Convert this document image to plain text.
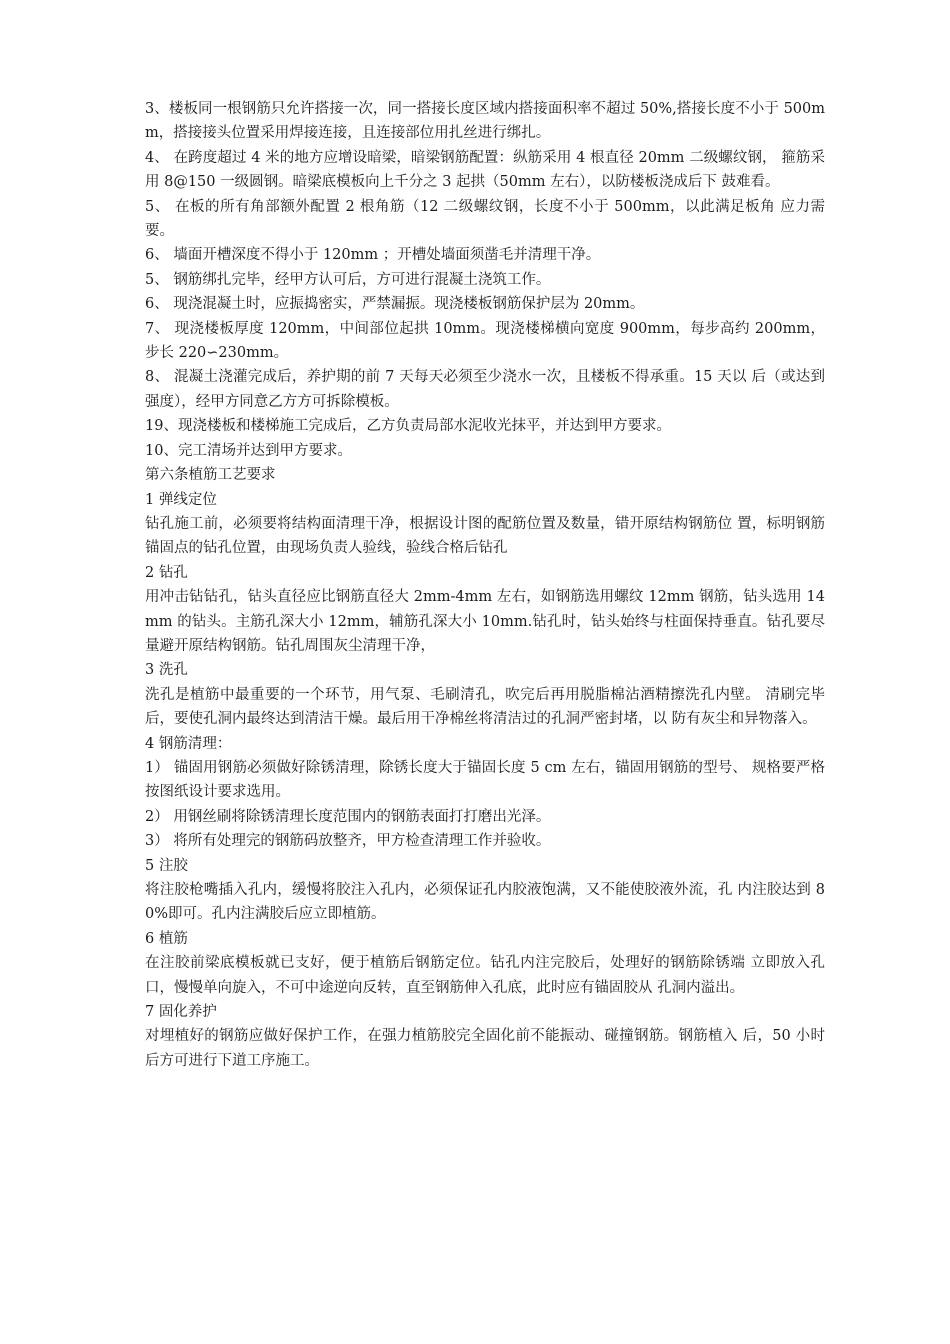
3、楼板同一根钢筋只允许搭接一次，同一搭接长度区域内搭接面积率不超过 50%,搭接长度不小于 500mm，搭接接头位置采用焊接连接，且连接部位用扎丝进行绑扎。

4、 在跨度超过 4 米的地方应增设暗梁，暗梁钢筋配置：纵筋采用 4 根直径 20mm 二级螺纹钢， 箍筋采用 8@150 一级圆钢。暗梁底模板向上千分之 3 起拱（50mm 左右），以防楼板浇成后下 鼓难看。

5、 在板的所有角部额外配置 2 根角筋（12 二级螺纹钢，长度不小于 500mm，以此满足板角 应力需要。

6、 墙面开槽深度不得小于 120mm ；开槽处墙面须凿毛并清理干净。

5、 钢筋绑扎完毕，经甲方认可后，方可进行混凝土浇筑工作。

6、 现浇混凝土时，应振捣密实，严禁漏振。现浇楼板钢筋保护层为 20mm。

7、 现浇楼板厚度 120mm，中间部位起拱 10mm。现浇楼梯横向宽度 900mm，每步高约 200mm， 步长 220∽230mm。

8、 混凝土浇灌完成后，养护期的前 7 天每天必须至少浇水一次，且楼板不得承重。15 天以 后（或达到强度），经甲方同意乙方方可拆除模板。

19、现浇楼板和楼梯施工完成后，乙方负责局部水泥收光抹平，并达到甲方要求。

10、完工清场并达到甲方要求。

第六条植筋工艺要求

1 弹线定位

钻孔施工前，必须要将结构面清理干净，根据设计图的配筋位置及数量，错开原结构钢筋位 置，标明钢筋锚固点的钻孔位置，由现场负责人验线，验线合格后钻孔

2 钻孔

用冲击钻钻孔，钻头直径应比钢筋直径大 2mm-4mm 左右，如钢筋选用螺纹 12mm 钢筋，钻头选用 14mm 的钻头。主筋孔深大小 12mm，辅筋孔深大小 10mm.钻孔时，钻头始终与柱面保持垂直。钻孔要尽量避开原结构钢筋。钻孔周围灰尘清理干净，

3 洗孔

洗孔是植筋中最重要的一个环节，用气泵、毛刷清孔，吹完后再用脱脂棉沾酒精擦洗孔内壁。 清刷完毕后，要使孔洞内最终达到清洁干燥。最后用干净棉丝将清洁过的孔洞严密封堵，以 防有灰尘和异物落入。

4 钢筋清理：

1） 锚固用钢筋必须做好除锈清理，除锈长度大于锚固长度 5 cm 左右，锚固用钢筋的型号、 规格要严格按图纸设计要求选用。

2） 用钢丝刷将除锈清理长度范围内的钢筋表面打打磨出光泽。

3） 将所有处理完的钢筋码放整齐，甲方检查清理工作并验收。

5 注胶

将注胶枪嘴插入孔内，缓慢将胶注入孔内，必须保证孔内胶液饱满，又不能使胶液外流，孔 内注胶达到 80%即可。孔内注满胶后应立即植筋。

6 植筋

在注胶前梁底模板就已支好，便于植筋后钢筋定位。钻孔内注完胶后，处理好的钢筋除锈端 立即放入孔口，慢慢单向旋入，不可中途逆向反转，直至钢筋伸入孔底，此时应有锚固胶从 孔洞内溢出。

7 固化养护

对埋植好的钢筋应做好保护工作，在强力植筋胶完全固化前不能振动、碰撞钢筋。钢筋植入 后，50 小时后方可进行下道工序施工。
